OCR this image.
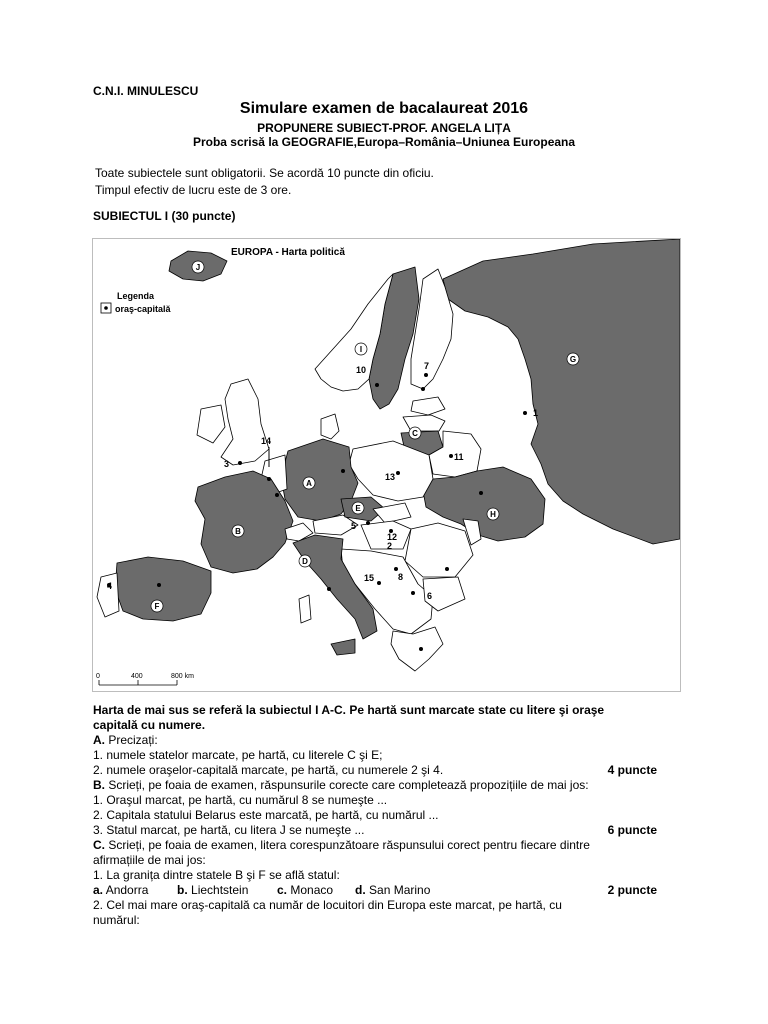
C.N.I. MINULESCU
Simulare examen de bacalaureat 2016
PROPUNERE SUBIECT-PROF. ANGELA LIȚA
Proba scrisă la GEOGRAFIE,Europa–România–Uniunea Europeana
Toate subiectele sunt obligatorii. Se acordă 10 puncte din oficiu.
Timpul efectiv de lucru este de 3 ore.
SUBIECTUL I (30 puncte)
EUROPA - Harta politică
Legenda
oraş-capitală
A
B
C
D
E
F
G
H
I
J
1
2
3
4
5
6
7
8
10
11
12
13
14
15
0	400	800 km
Harta de mai sus se referă la subiectul I A-C. Pe hartă sunt marcate state cu litere şi oraşe
capitală cu numere.
A. Precizați:
1. numele statelor marcate, pe hartă, cu literele C şi E;
2. numele oraşelor-capitală marcate, pe hartă, cu numerele 2 şi 4.	4 puncte
B. Scrieți, pe foaia de examen, răspunsurile corecte care completează propozițiile de mai jos:
1. Oraşul marcat, pe hartă, cu numărul 8 se numeşte ...
2. Capitala statului Belarus este marcată, pe hartă, cu numărul ...
3. Statul marcat, pe hartă, cu litera J se numeşte ...	6 puncte
C. Scrieți, pe foaia de examen, litera corespunzătoare răspunsului corect pentru fiecare dintre
afirmațiile de mai jos:
1. La granița dintre statele B şi F se află statul:
a. Andorra b. Liechtstein c. Monaco d. San Marino	2 puncte
2. Cel mai mare oraş-capitală ca număr de locuitori din Europa este marcat, pe hartă, cu
numărul:
